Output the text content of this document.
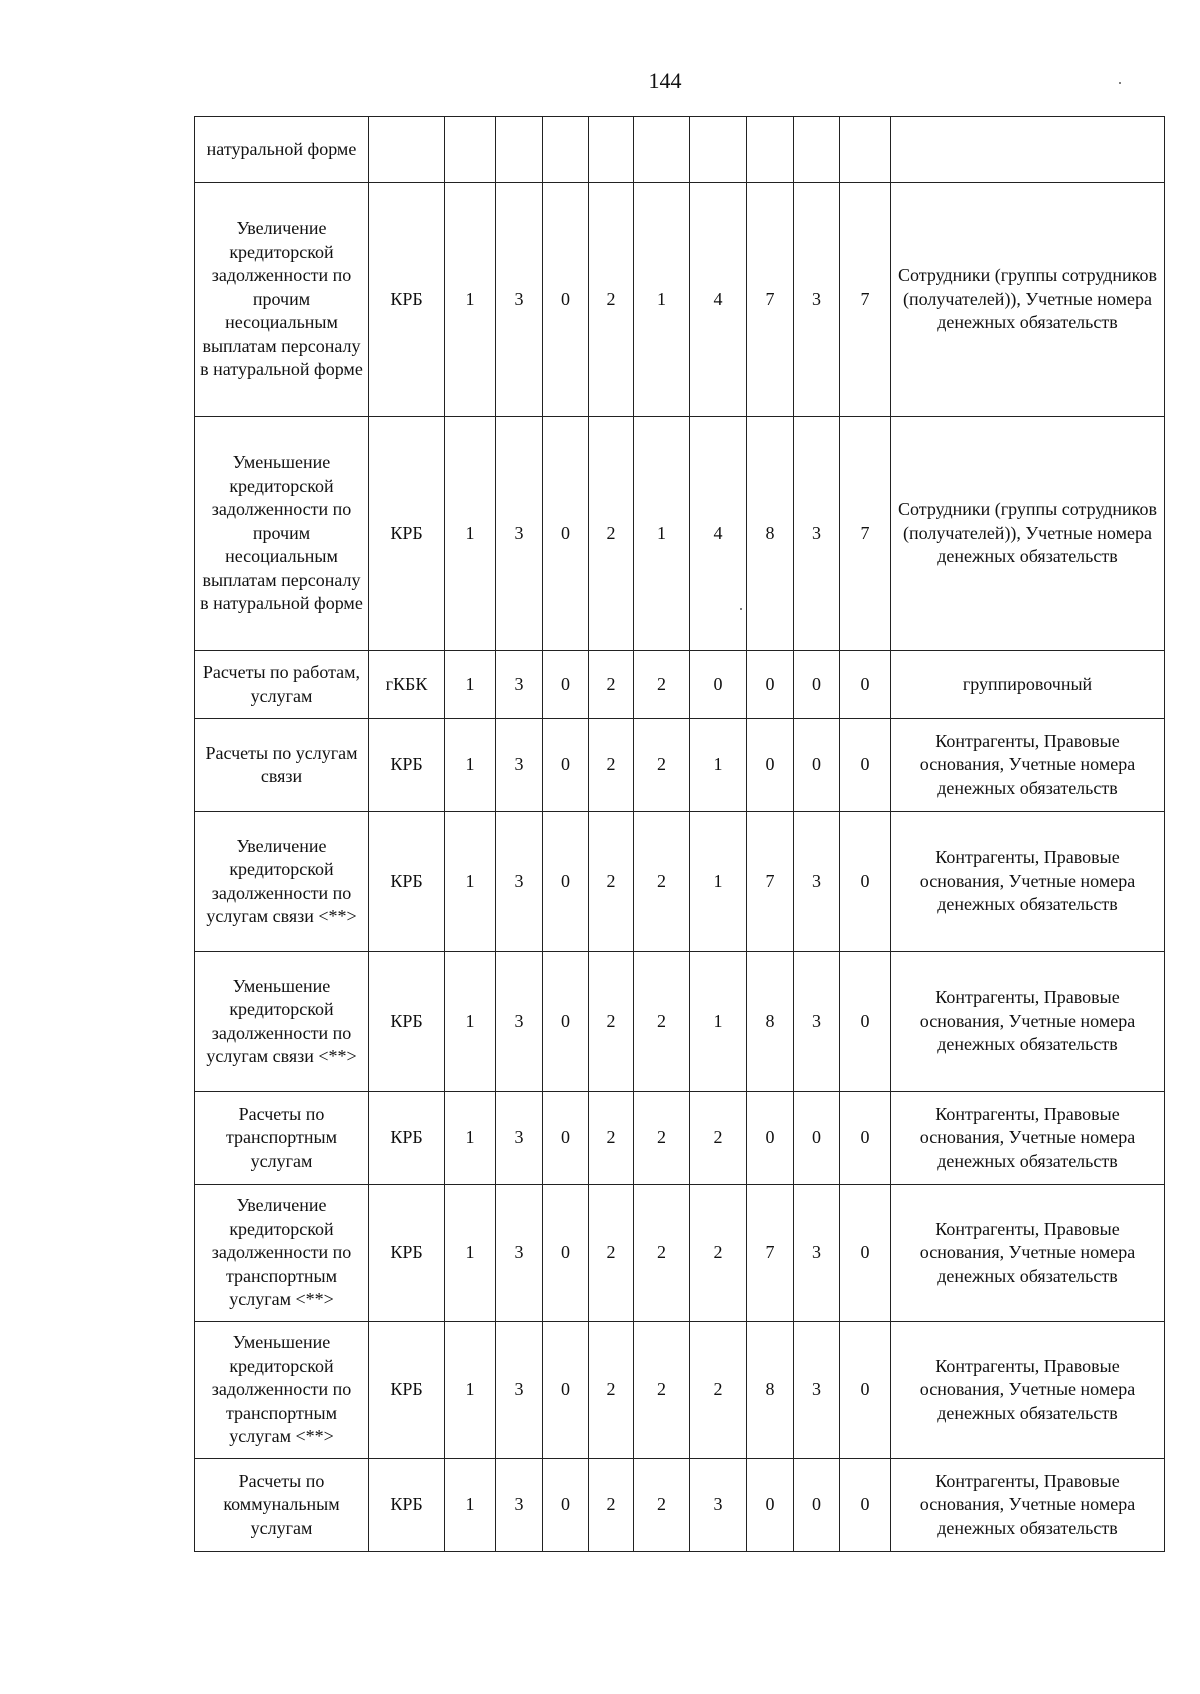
144
натуральной форме											
Увеличение кредиторской задолженности по прочим несоциальным выплатам персоналу в натуральной форме	КРБ	1	3	0	2	1	4	7	3	7	Сотрудники (группы сотрудников (получателей)), Учетные номера денежных обязательств
Уменьшение кредиторской задолженности по прочим несоциальным выплатам персоналу в натуральной форме	КРБ	1	3	0	2	1	4	8	3	7	Сотрудники (группы сотрудников (получателей)), Учетные номера денежных обязательств
Расчеты по работам, услугам	гКБК	1	3	0	2	2	0	0	0	0	группировочный
Расчеты по услугам связи	КРБ	1	3	0	2	2	1	0	0	0	Контрагенты, Правовые основания, Учетные номера денежных обязательств
Увеличение кредиторской задолженности по услугам связи <**>	КРБ	1	3	0	2	2	1	7	3	0	Контрагенты, Правовые основания, Учетные номера денежных обязательств
Уменьшение кредиторской задолженности по услугам связи <**>	КРБ	1	3	0	2	2	1	8	3	0	Контрагенты, Правовые основания, Учетные номера денежных обязательств
Расчеты по транспортным услугам	КРБ	1	3	0	2	2	2	0	0	0	Контрагенты, Правовые основания, Учетные номера денежных обязательств
Увеличение кредиторской задолженности по транспортным услугам <**>	КРБ	1	3	0	2	2	2	7	3	0	Контрагенты, Правовые основания, Учетные номера денежных обязательств
Уменьшение кредиторской задолженности по транспортным услугам <**>	КРБ	1	3	0	2	2	2	8	3	0	Контрагенты, Правовые основания, Учетные номера денежных обязательств
Расчеты по коммунальным услугам	КРБ	1	3	0	2	2	3	0	0	0	Контрагенты, Правовые основания, Учетные номера денежных обязательств
